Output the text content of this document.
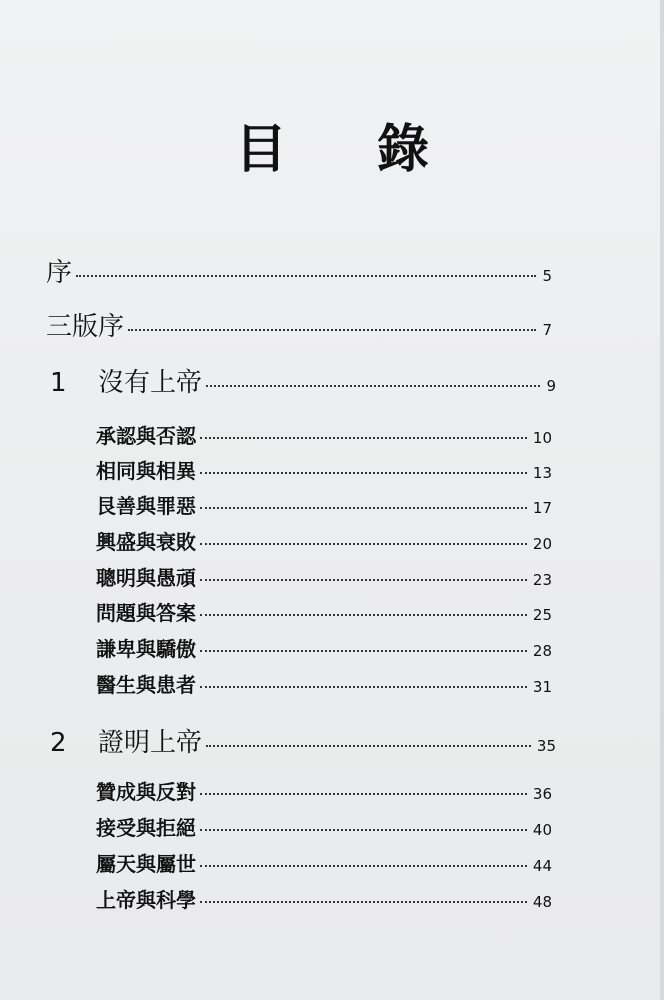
目 錄
序	5
三版序	7
1 沒有上帝	9
承認與否認	10
相同與相異	13
艮善與罪惡	17
興盛與衰敗	20
聰明與愚頑	23
問題與答案	25
謙卑與驕傲	28
醫生與患者	31
2 證明上帝	35
贊成與反對	36
接受與拒絕	40
屬天與屬世	44
上帝與科學	48
